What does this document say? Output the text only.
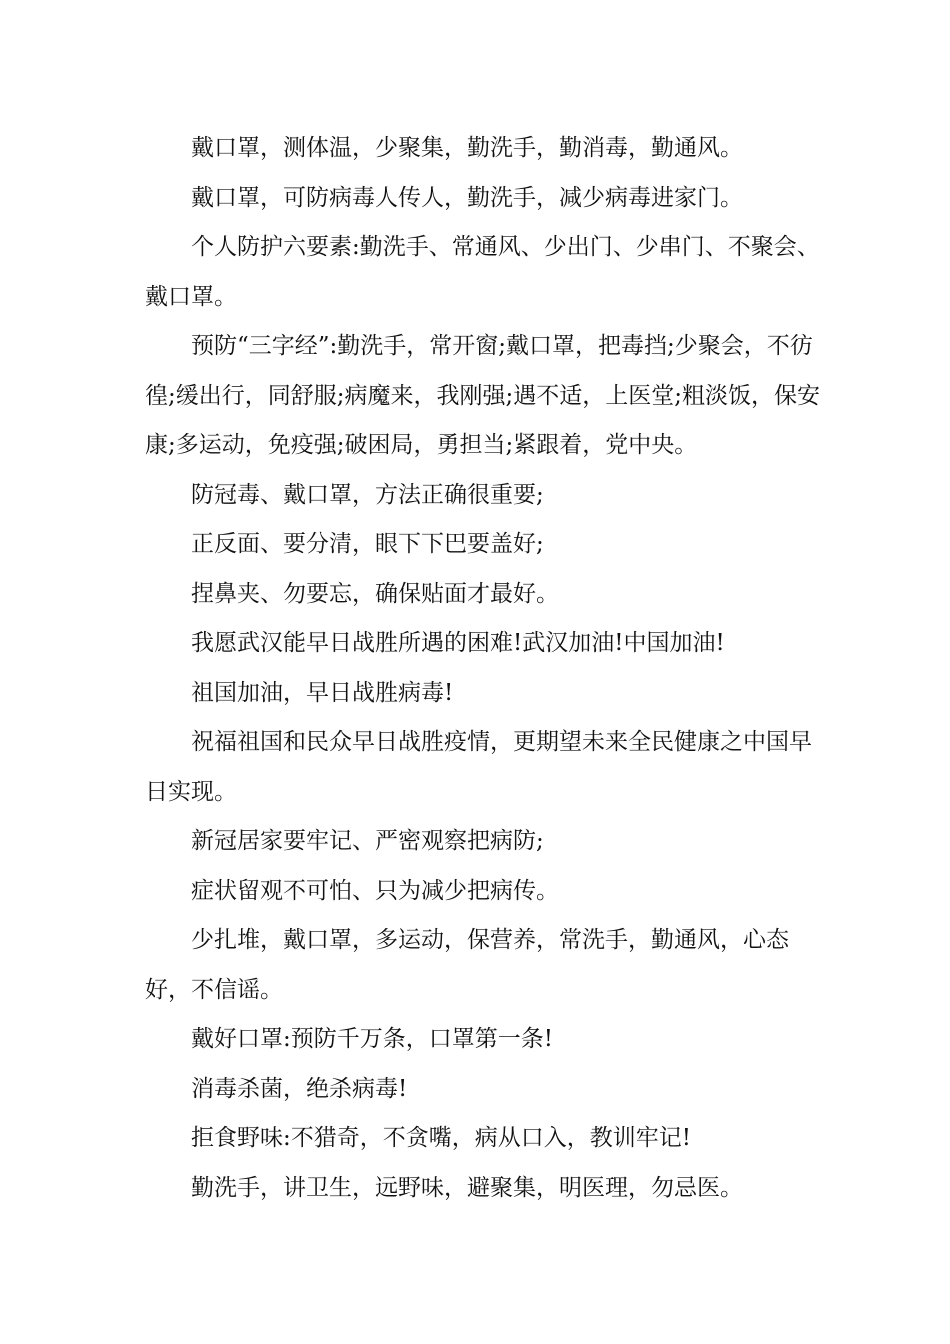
戴口罩，测体温，少聚集，勤洗手，勤消毒，勤通风。

戴口罩，可防病毒人传人，勤洗手，减少病毒进家门。

个人防护六要素:勤洗手、常通风、少出门、少串门、不聚会、戴口罩。

预防“三字经”:勤洗手，常开窗;戴口罩，把毒挡;少聚会，不彷徨;缓出行，同舒服;病魔来，我刚强;遇不适，上医堂;粗淡饭，保安康;多运动，免疫强;破困局，勇担当;紧跟着，党中央。

防冠毒、戴口罩，方法正确很重要;

正反面、要分清，眼下下巴要盖好;

捏鼻夹、勿要忘，确保贴面才最好。

我愿武汉能早日战胜所遇的困难!武汉加油!中国加油!

祖国加油，早日战胜病毒!

祝福祖国和民众早日战胜疫情，更期望未来全民健康之中国早日实现。

新冠居家要牢记、严密观察把病防;

症状留观不可怕、只为减少把病传。

少扎堆，戴口罩，多运动，保营养，常洗手，勤通风，心态好，不信谣。

戴好口罩:预防千万条，口罩第一条!

消毒杀菌，绝杀病毒!

拒食野味:不猎奇，不贪嘴，病从口入，教训牢记!

勤洗手，讲卫生，远野味，避聚集，明医理，勿忌医。
